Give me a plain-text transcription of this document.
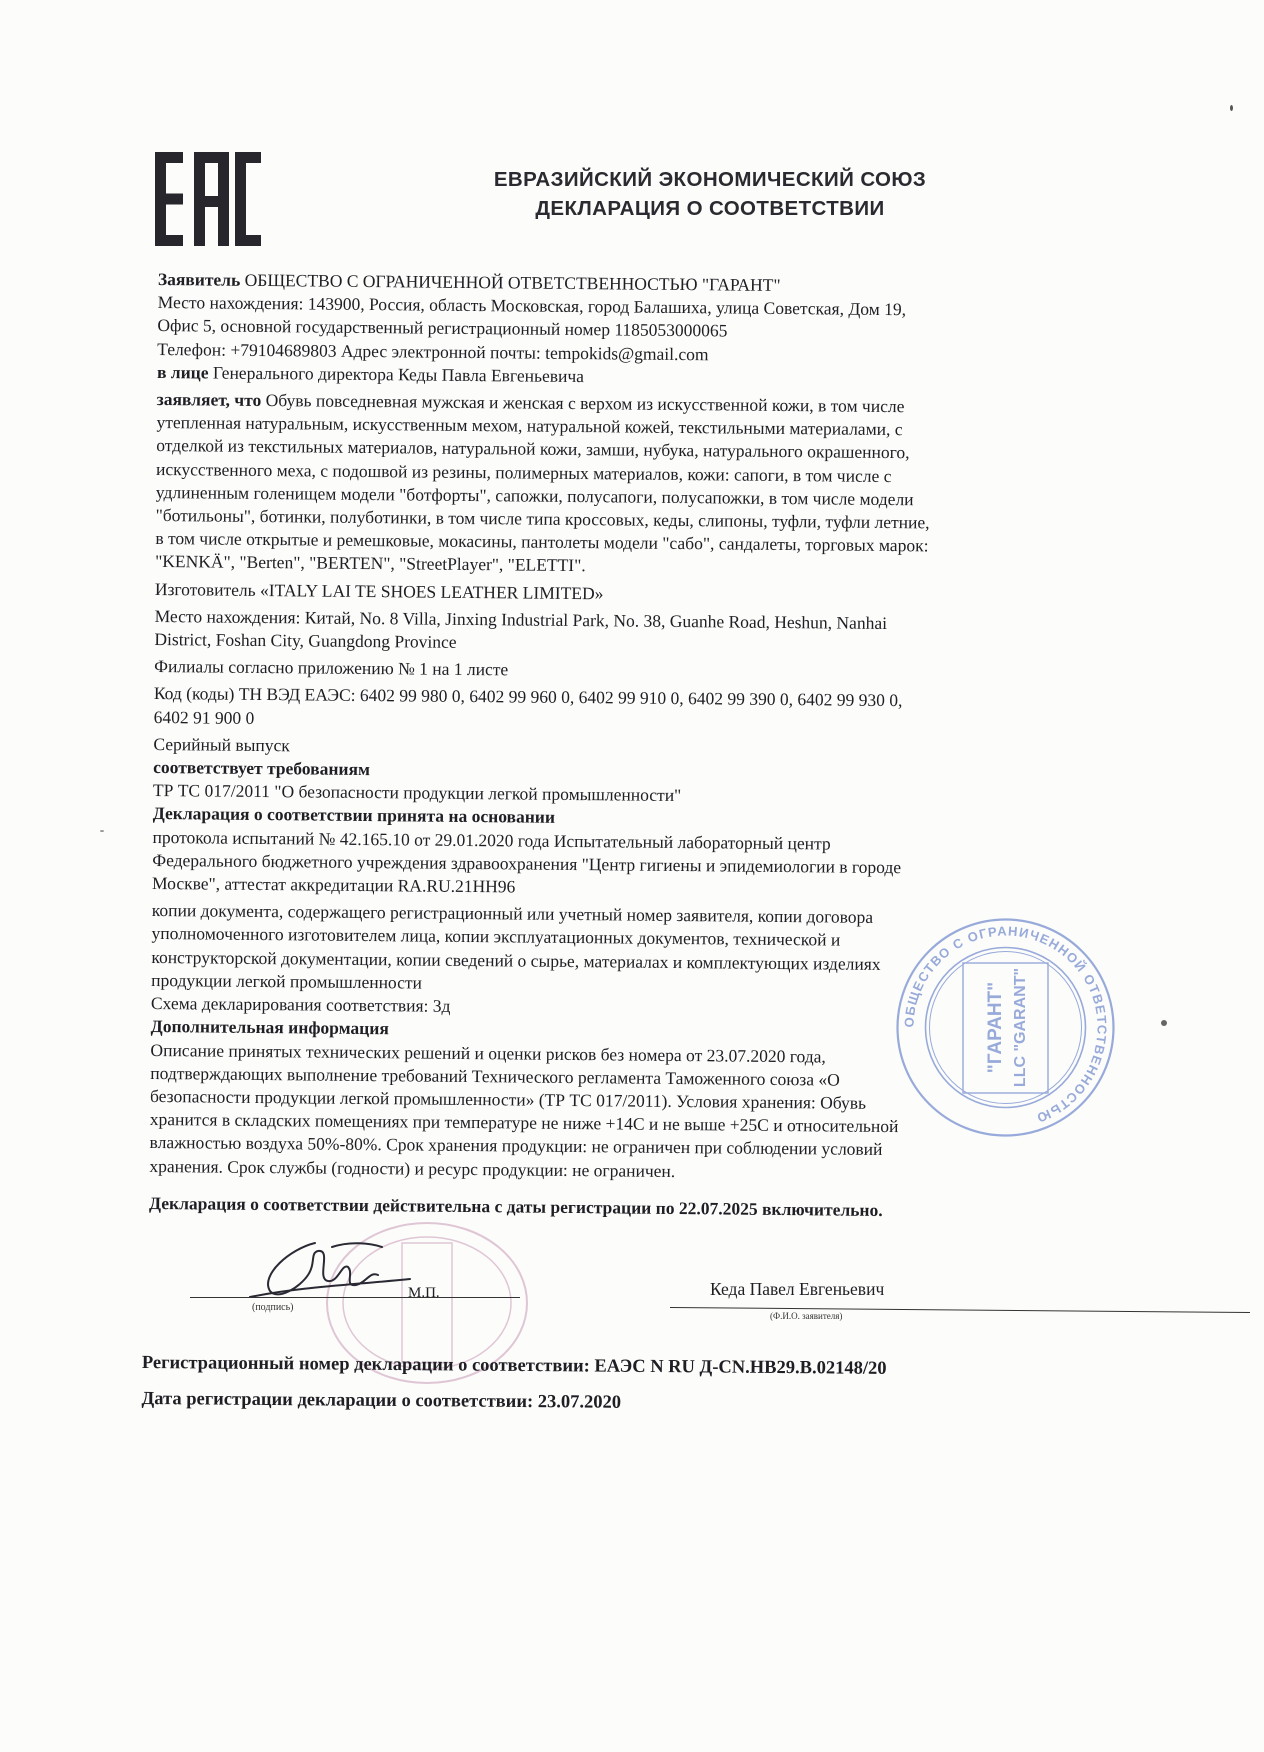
ЕВРАЗИЙСКИЙ ЭКОНОМИЧЕСКИЙ СОЮЗ
ДЕКЛАРАЦИЯ О СООТВЕТСТВИИ

Заявитель ОБЩЕСТВО С ОГРАНИЧЕННОЙ ОТВЕТСТВЕННОСТЬЮ "ГАРАНТ"

Место нахождения: 143900, Россия, область Московская, город Балашиха, улица Советская, Дом 19,
Офис 5, основной государственный регистрационный номер 1185053000065
Телефон: +79104689803 Адрес электронной почты: tempokids@gmail.com

в лице Генерального директора Кеды Павла Евгеньевича

заявляет, что Обувь повседневная мужская и женская с верхом из искусственной кожи, в том числе
утепленная натуральным, искусственным мехом, натуральной кожей, текстильными материалами, с
отделкой из текстильных материалов, натуральной кожи, замши, нубука, натурального окрашенного,
искусственного меха, с подошвой из резины, полимерных материалов, кожи: сапоги, в том числе с
удлиненным голенищем модели "ботфорты", сапожки, полусапоги, полусапожки, в том числе модели
"ботильоны", ботинки, полуботинки, в том числе типа кроссовых, кеды, слипоны, туфли, туфли летние,
в том числе открытые и ремешковые, мокасины, пантолеты модели "сабо", сандалеты, торговых марок:
"KENKÄ", "Berten", "BERTEN", "StreetPlayer", "ELETTI".
Изготовитель «ITALY LAI TE SHOES LEATHER LIMITED»
Место нахождения: Китай, No. 8 Villa, Jinxing Industrial Park, No. 38, Guanhe Road, Heshun, Nanhai
District, Foshan City, Guangdong Province
Филиалы согласно приложению № 1 на 1 листе
Код (коды) ТН ВЭД ЕАЭС: 6402 99 980 0, 6402 99 960 0, 6402 99 910 0, 6402 99 390 0, 6402 99 930 0,
6402 91 900 0
Серийный выпуск
соответствует требованиям
ТР ТС 017/2011 "О безопасности продукции легкой промышленности"
Декларация о соответствии принята на основании
протокола испытаний № 42.165.10 от 29.01.2020 года Испытательный лабораторный центр
Федерального бюджетного учреждения здравоохранения "Центр гигиены и эпидемиологии в городе
Москве", аттестат аккредитации RA.RU.21HH96
копии документа, содержащего регистрационный или учетный номер заявителя, копии договора
уполномоченного изготовителем лица, копии эксплуатационных документов, технической и
конструкторской документации, копии сведений о сырье, материалах и комплектующих изделиях
продукции легкой промышленности
Схема декларирования соответствия: 3д
Дополнительная информация
Описание принятых технических решений и оценки рисков без номера от 23.07.2020 года,
подтверждающих выполнение требований Технического регламента Таможенного союза «О
безопасности продукции легкой промышленности» (ТР ТС 017/2011). Условия хранения: Обувь
хранится в складских помещениях при температуре не ниже +14С и не выше +25С и относительной
влажностью воздуха 50%-80%. Срок хранения продукции: не ограничен при соблюдении условий
хранения. Срок службы (годности) и ресурс продукции: не ограничен.
Декларация о соответствии действительна с даты регистрации по 22.07.2025 включительно.
ОБЩЕСТВО С ОГРАНИЧЕННОЙ ОТВЕТСТВЕННОСТЬЮ
"ГАРАНТ" LLC "GARANT"
(подпись)
М.П.	Кеда Павел Евгеньевич
(Ф.И.О. заявителя)
Регистрационный номер декларации о соответствии: ЕАЭС N RU Д-CN.HB29.B.02148/20
Дата регистрации декларации о соответствии: 23.07.2020
